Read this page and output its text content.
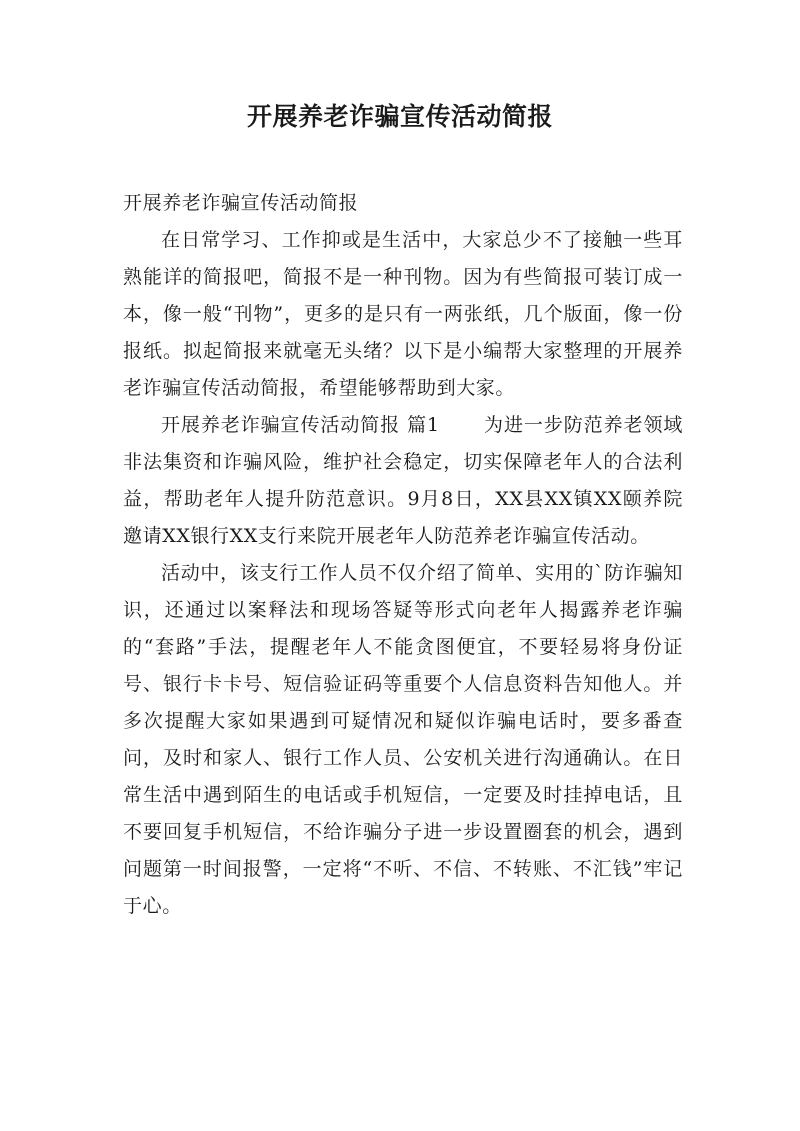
开展养老诈骗宣传活动简报

开展养老诈骗宣传活动简报

在日常学习、工作抑或是生活中，大家总少不了接触一些耳熟能详的简报吧，简报不是一种刊物。因为有些简报可装订成一本，像一般“刊物”，更多的是只有一两张纸，几个版面，像一份报纸。拟起简报来就毫无头绪？以下是小编帮大家整理的开展养老诈骗宣传活动简报，希望能够帮助到大家。

开展养老诈骗宣传活动简报 篇1 为进一步防范养老领域非法集资和诈骗风险，维护社会稳定，切实保障老年人的合法利益，帮助老年人提升防范意识。9月8日，XX县XX镇XX颐养院邀请XX银行XX支行来院开展老年人防范养老诈骗宣传活动。

活动中，该支行工作人员不仅介绍了简单、实用的`防诈骗知识，还通过以案释法和现场答疑等形式向老年人揭露养老诈骗的“套路”手法，提醒老年人不能贪图便宜，不要轻易将身份证号、银行卡卡号、短信验证码等重要个人信息资料告知他人。并多次提醒大家如果遇到可疑情况和疑似诈骗电话时，要多番查问，及时和家人、银行工作人员、公安机关进行沟通确认。在日常生活中遇到陌生的电话或手机短信，一定要及时挂掉电话，且不要回复手机短信，不给诈骗分子进一步设置圈套的机会，遇到问题第一时间报警，一定将“不听、不信、不转账、不汇钱”牢记于心。
